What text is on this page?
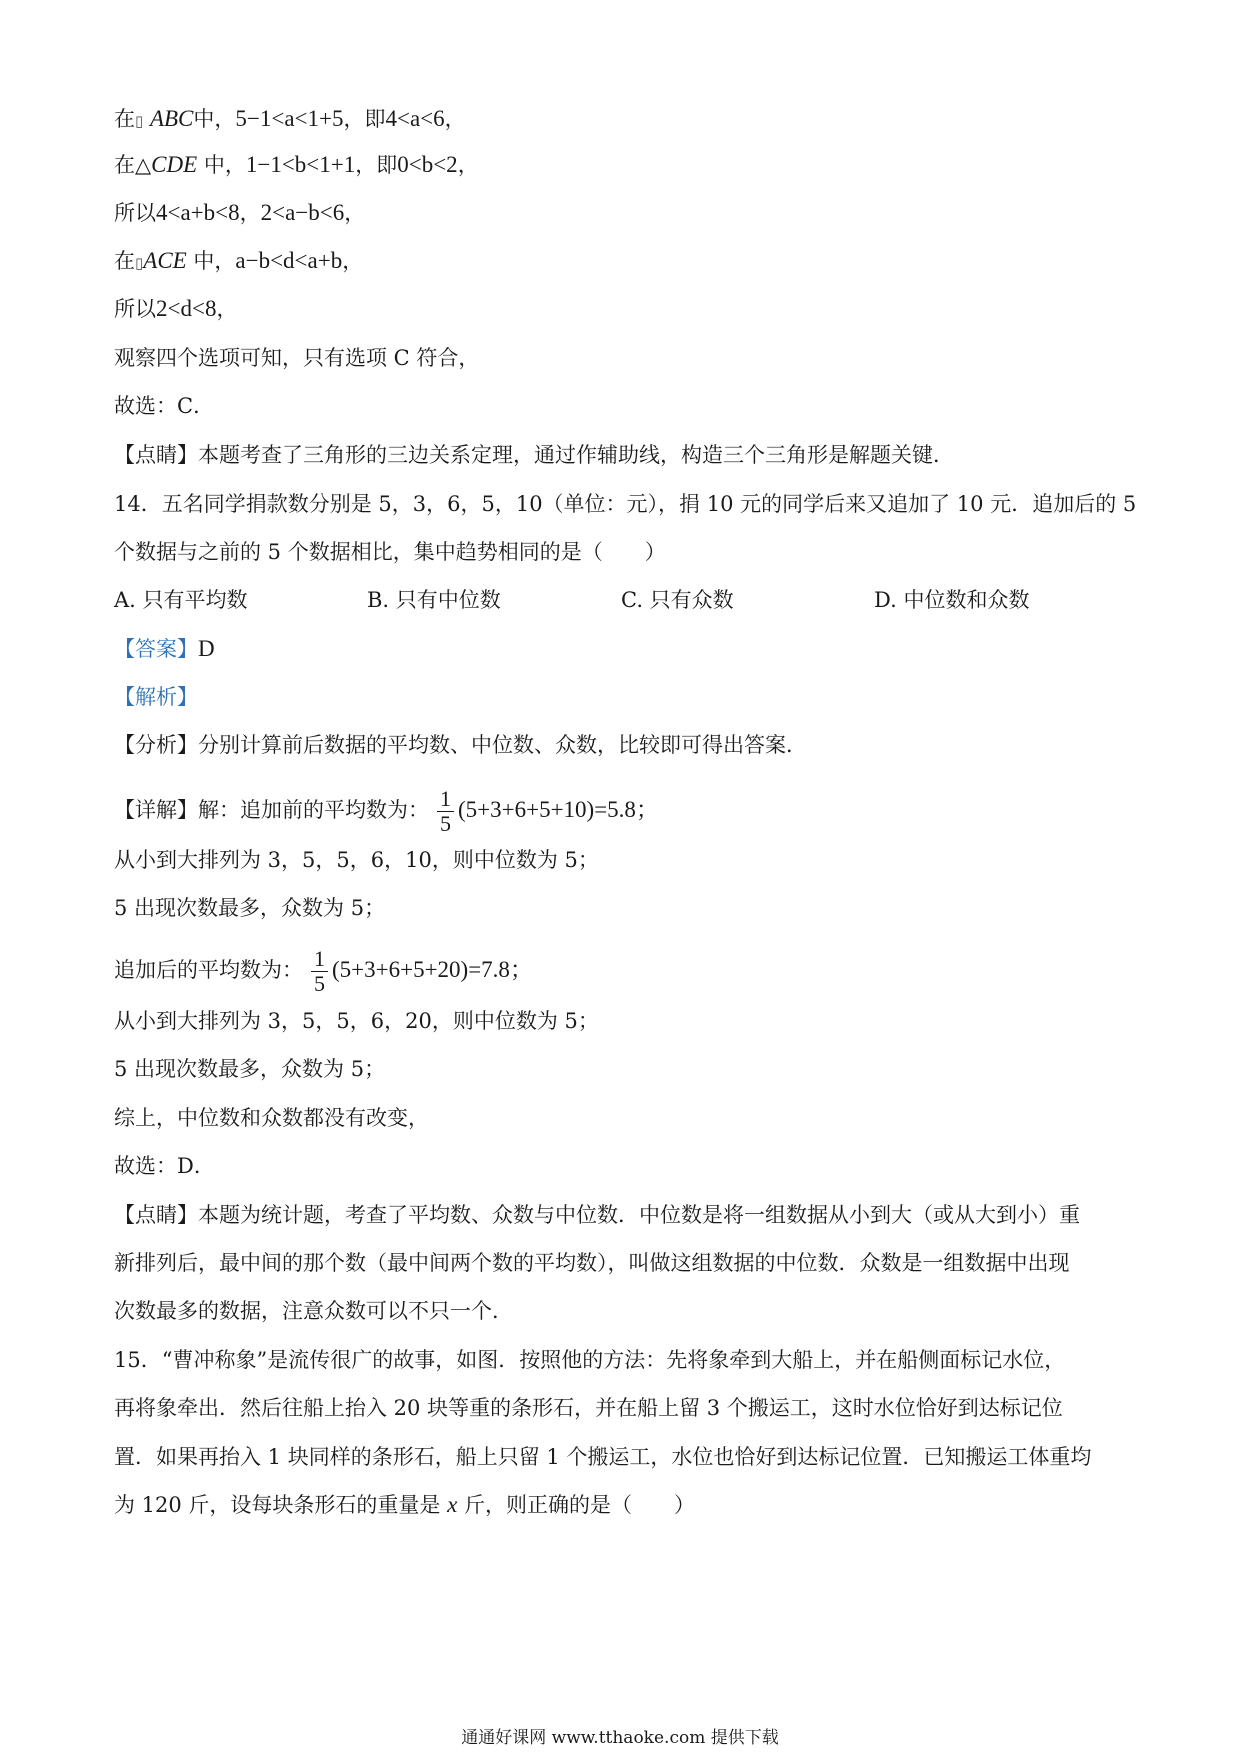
在▯ ABC中，5−1<a<1+5，即4<a<6，
在△CDE 中，1−1<b<1+1，即0<b<2，
所以4<a+b<8，2<a−b<6，
在▯ACE 中，a−b<d<a+b，
所以2<d<8，
观察四个选项可知，只有选项 C 符合，
故选：C．
【点睛】本题考查了三角形的三边关系定理，通过作辅助线，构造三个三角形是解题关键．
14．五名同学捐款数分别是 5，3，6，5，10（单位：元），捐 10 元的同学后来又追加了 10 元．追加后的 5
个数据与之前的 5 个数据相比，集中趋势相同的是（　　）
A. 只有平均数	B. 只有中位数	C. 只有众数	D. 中位数和众数
【答案】D
【解析】
【分析】分别计算前后数据的平均数、中位数、众数，比较即可得出答案．
【详解】解：追加前的平均数为： $\frac{1}{5} (5+3+6+5+10)=5.8$；
从小到大排列为 3，5，5，6，10，则中位数为 5；
5 出现次数最多，众数为 5；
追加后的平均数为： $\frac{1}{5} (5+3+6+5+20)=7.8$；
从小到大排列为 3，5，5，6，20，则中位数为 5；
5 出现次数最多，众数为 5；
综上，中位数和众数都没有改变，
故选：D．
【点睛】本题为统计题，考查了平均数、众数与中位数．中位数是将一组数据从小到大（或从大到小）重
新排列后，最中间的那个数（最中间两个数的平均数），叫做这组数据的中位数．众数是一组数据中出现
次数最多的数据，注意众数可以不只一个．
15．“曹冲称象”是流传很广的故事，如图．按照他的方法：先将象牵到大船上，并在船侧面标记水位，
再将象牵出．然后往船上抬入 20 块等重的条形石，并在船上留 3 个搬运工，这时水位恰好到达标记位
置．如果再抬入 1 块同样的条形石，船上只留 1 个搬运工，水位也恰好到达标记位置．已知搬运工体重均
为 120 斤，设每块条形石的重量是 x 斤，则正确的是（　　）
通通好课网 www.tthaoke.com 提供下载
